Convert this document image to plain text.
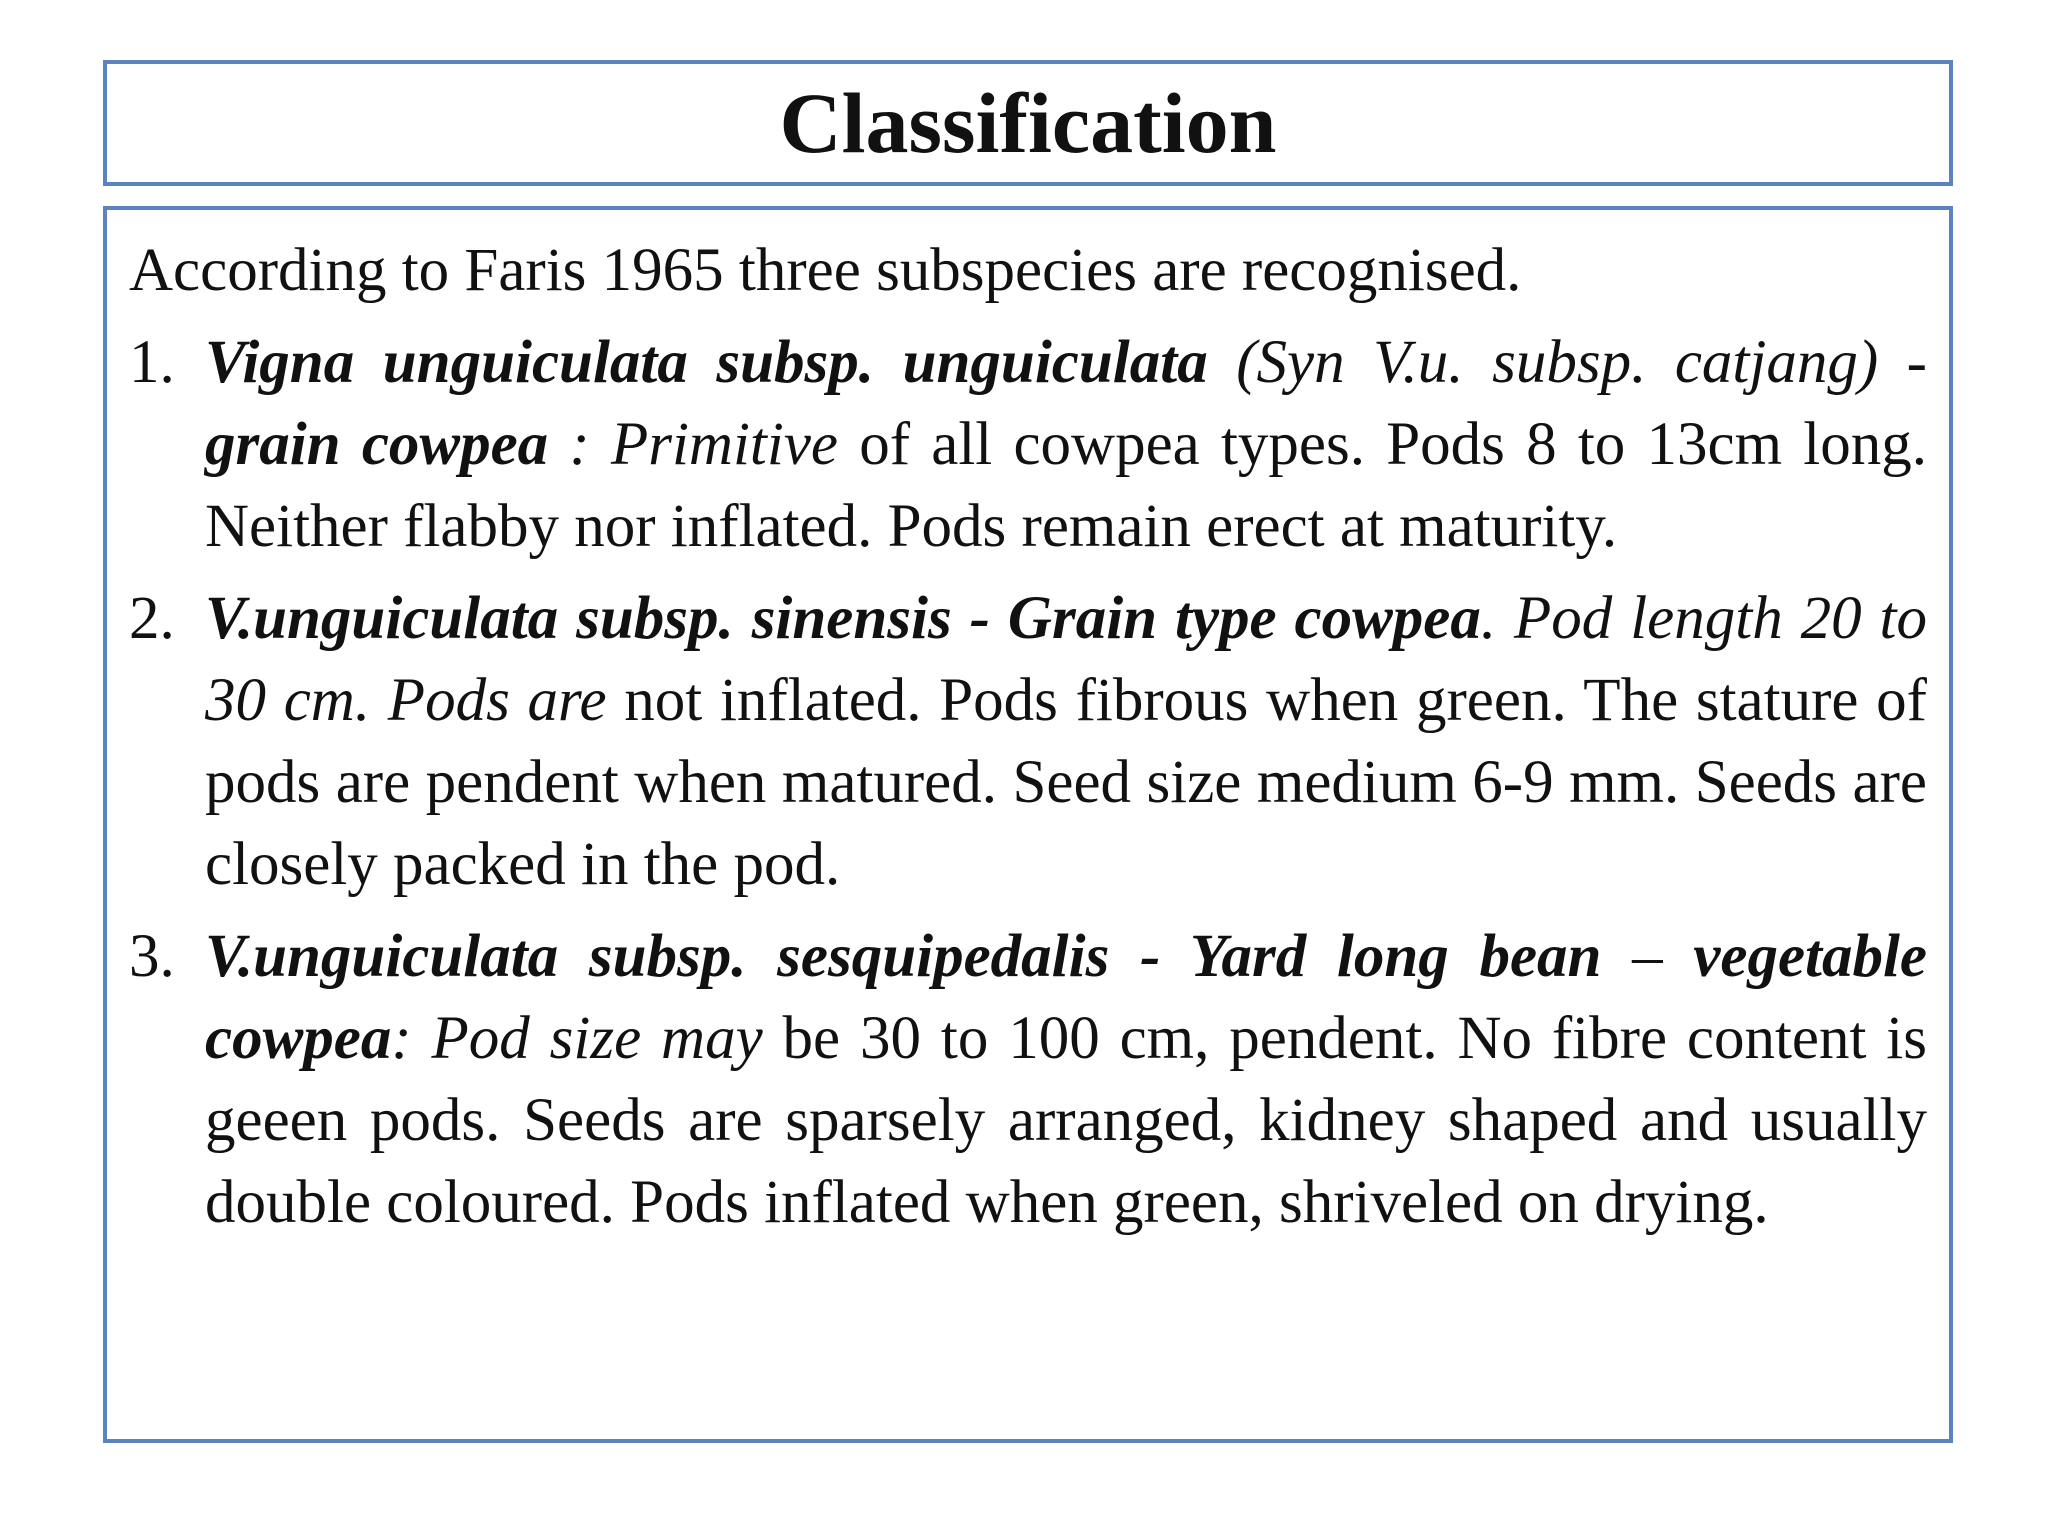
Classification

According to Faris 1965 three subspecies are recognised.

1. Vigna unguiculata subsp. unguiculata (Syn V.u. subsp. catjang) - grain cowpea : Primitive of all cowpea types. Pods 8 to 13cm long. Neither flabby nor inflated. Pods remain erect at maturity.
2. V.unguiculata subsp. sinensis - Grain type cowpea. Pod length 20 to 30 cm. Pods are not inflated. Pods fibrous when green. The stature of pods are pendent when matured. Seed size medium 6-9 mm. Seeds are closely packed in the pod.
3. V.unguiculata subsp. sesquipedalis - Yard long bean – vegetable cowpea: Pod size may be 30 to 100 cm, pendent. No fibre content is geeen pods. Seeds are sparsely arranged, kidney shaped and usually double coloured. Pods inflated when green, shriveled on drying.
